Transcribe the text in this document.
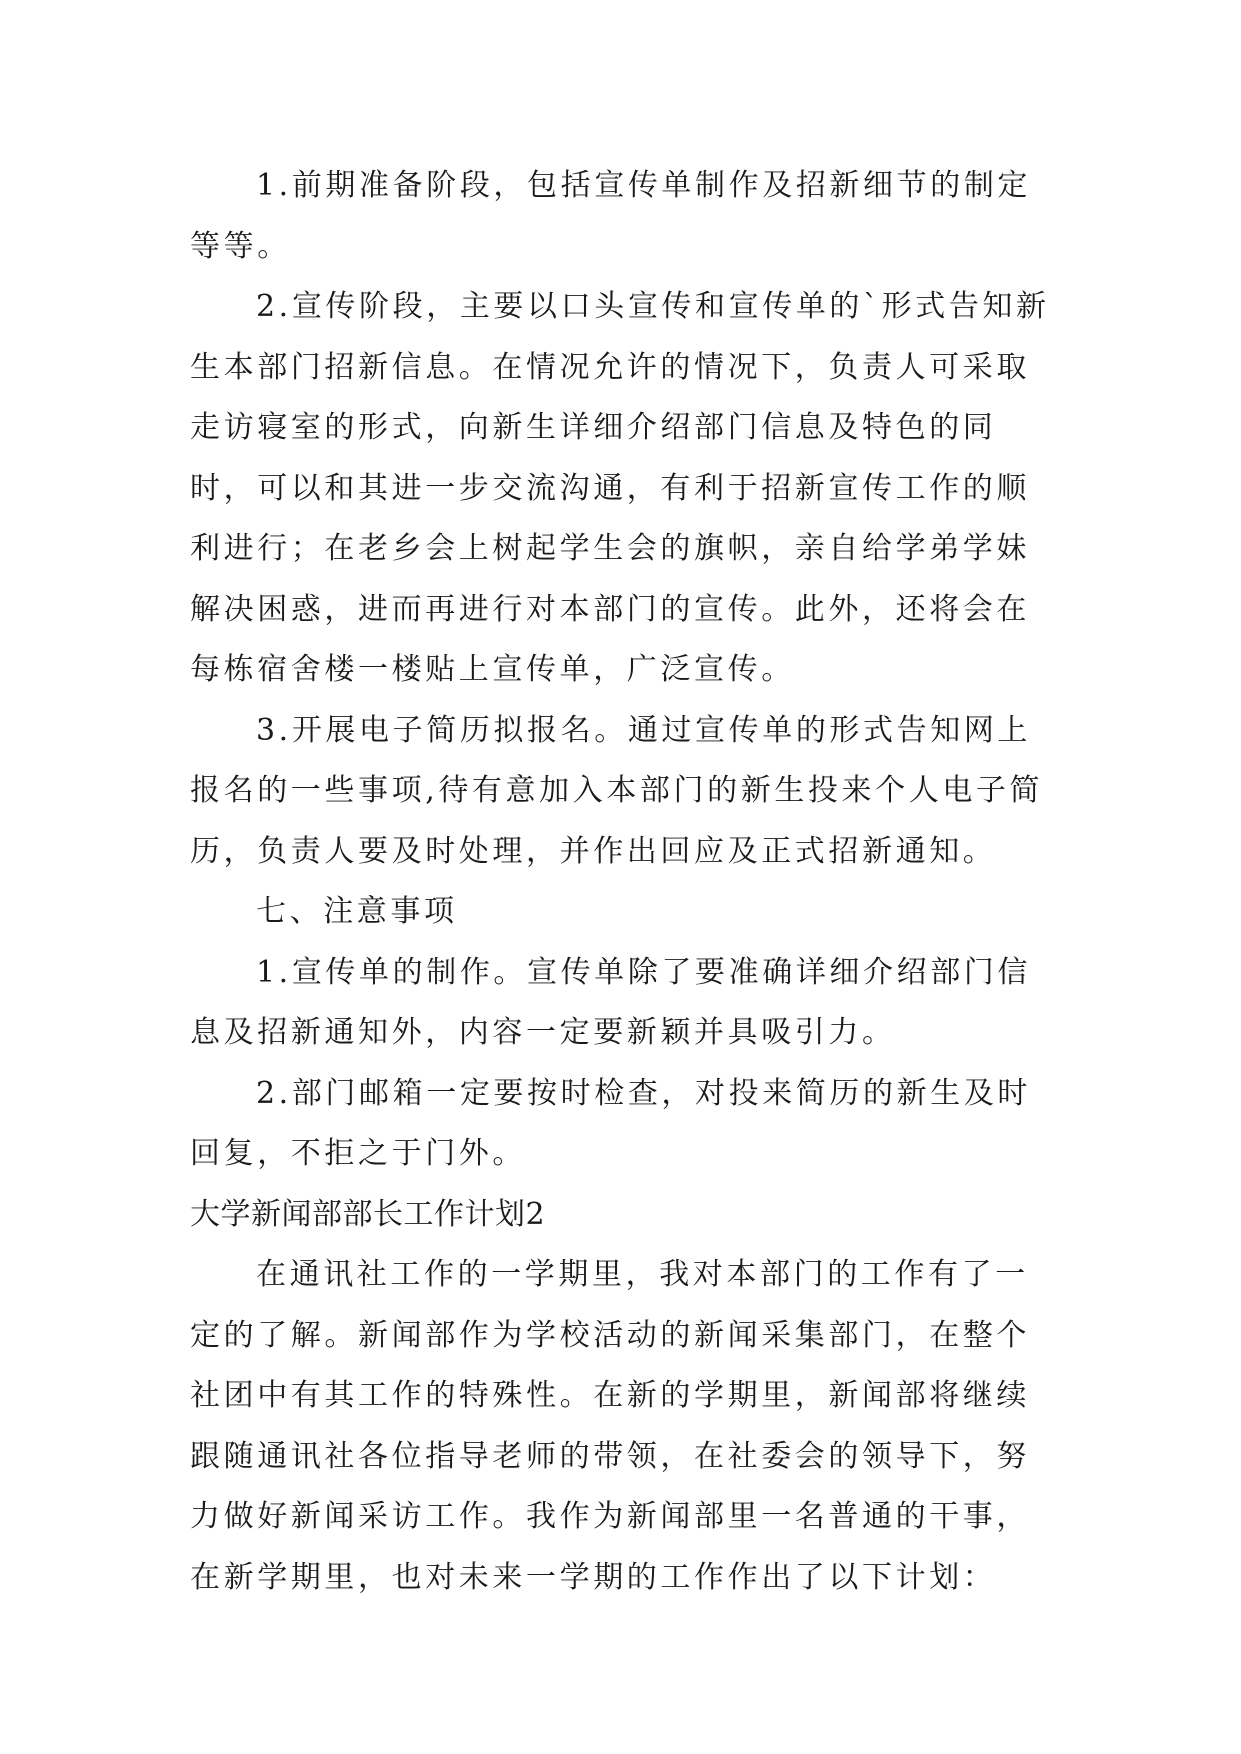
1.前期准备阶段，包括宣传单制作及招新细节的制定等等。

2.宣传阶段，主要以口头宣传和宣传单的`形式告知新生本部门招新信息。在情况允许的情况下，负责人可采取走访寝室的形式，向新生详细介绍部门信息及特色的同时，可以和其进一步交流沟通，有利于招新宣传工作的顺利进行；在老乡会上树起学生会的旗帜，亲自给学弟学妹解决困惑，进而再进行对本部门的宣传。此外，还将会在每栋宿舍楼一楼贴上宣传单，广泛宣传。

3.开展电子简历拟报名。通过宣传单的形式告知网上报名的一些事项,待有意加入本部门的新生投来个人电子简历，负责人要及时处理，并作出回应及正式招新通知。

七、注意事项

1.宣传单的制作。宣传单除了要准确详细介绍部门信息及招新通知外，内容一定要新颖并具吸引力。

2.部门邮箱一定要按时检查，对投来简历的新生及时回复，不拒之于门外。

大学新闻部部长工作计划2

在通讯社工作的一学期里，我对本部门的工作有了一定的了解。新闻部作为学校活动的新闻采集部门，在整个社团中有其工作的特殊性。在新的学期里，新闻部将继续跟随通讯社各位指导老师的带领，在社委会的领导下，努力做好新闻采访工作。我作为新闻部里一名普通的干事，在新学期里，也对未来一学期的工作作出了以下计划：
